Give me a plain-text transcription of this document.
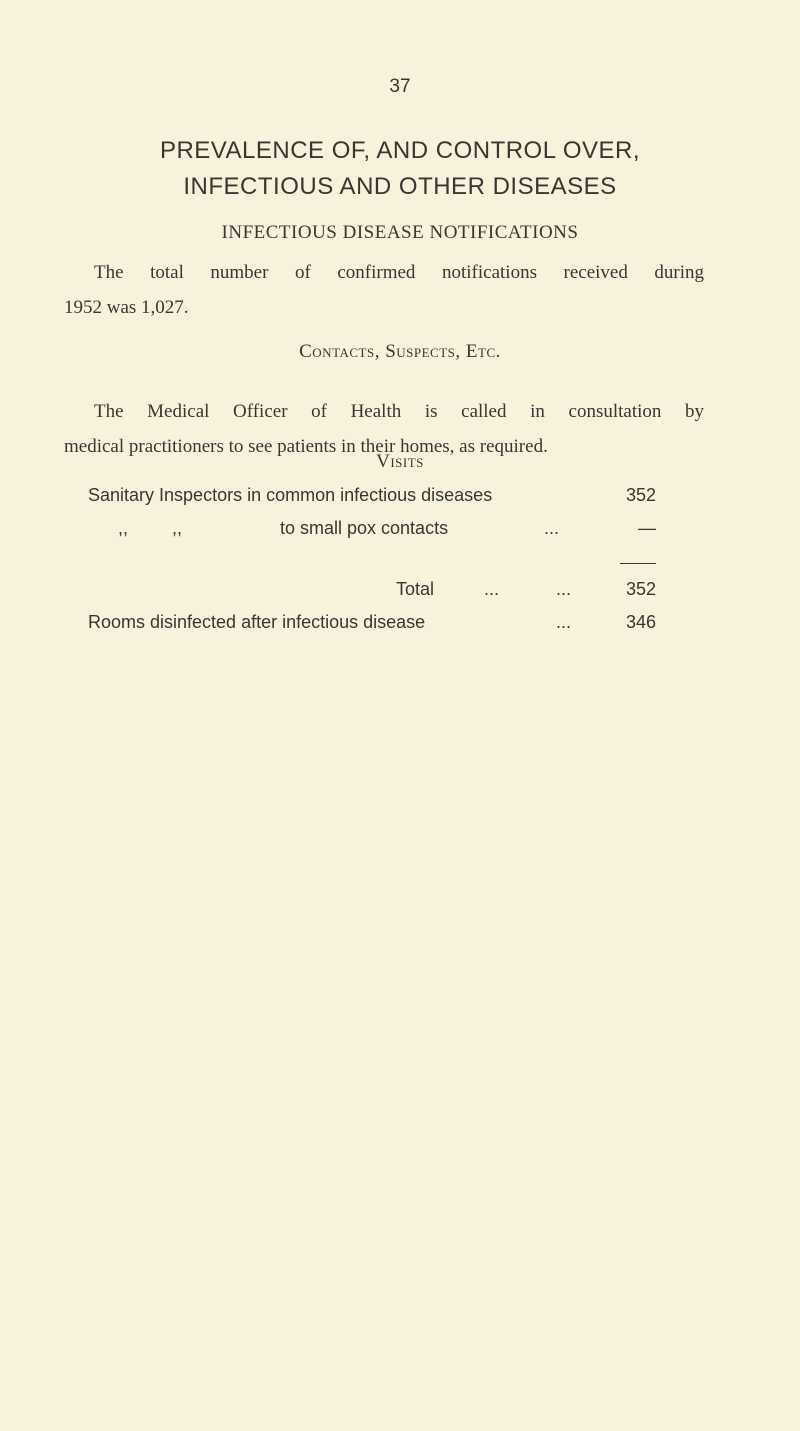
37
PREVALENCE OF, AND CONTROL OVER,
INFECTIOUS AND OTHER DISEASES
INFECTIOUS DISEASE NOTIFICATIONS

The total number of confirmed notifications received during
1952 was 1,027.

Contacts, Suspects, Etc.

The Medical Officer of Health is called in consultation by
medical practitioners to see patients in their homes, as required.

Visits
Sanitary Inspectors in common infectious diseases	352
,, ,,	to small pox contacts	...	—
Total	...	...	352
Rooms disinfected after infectious disease	...	346
